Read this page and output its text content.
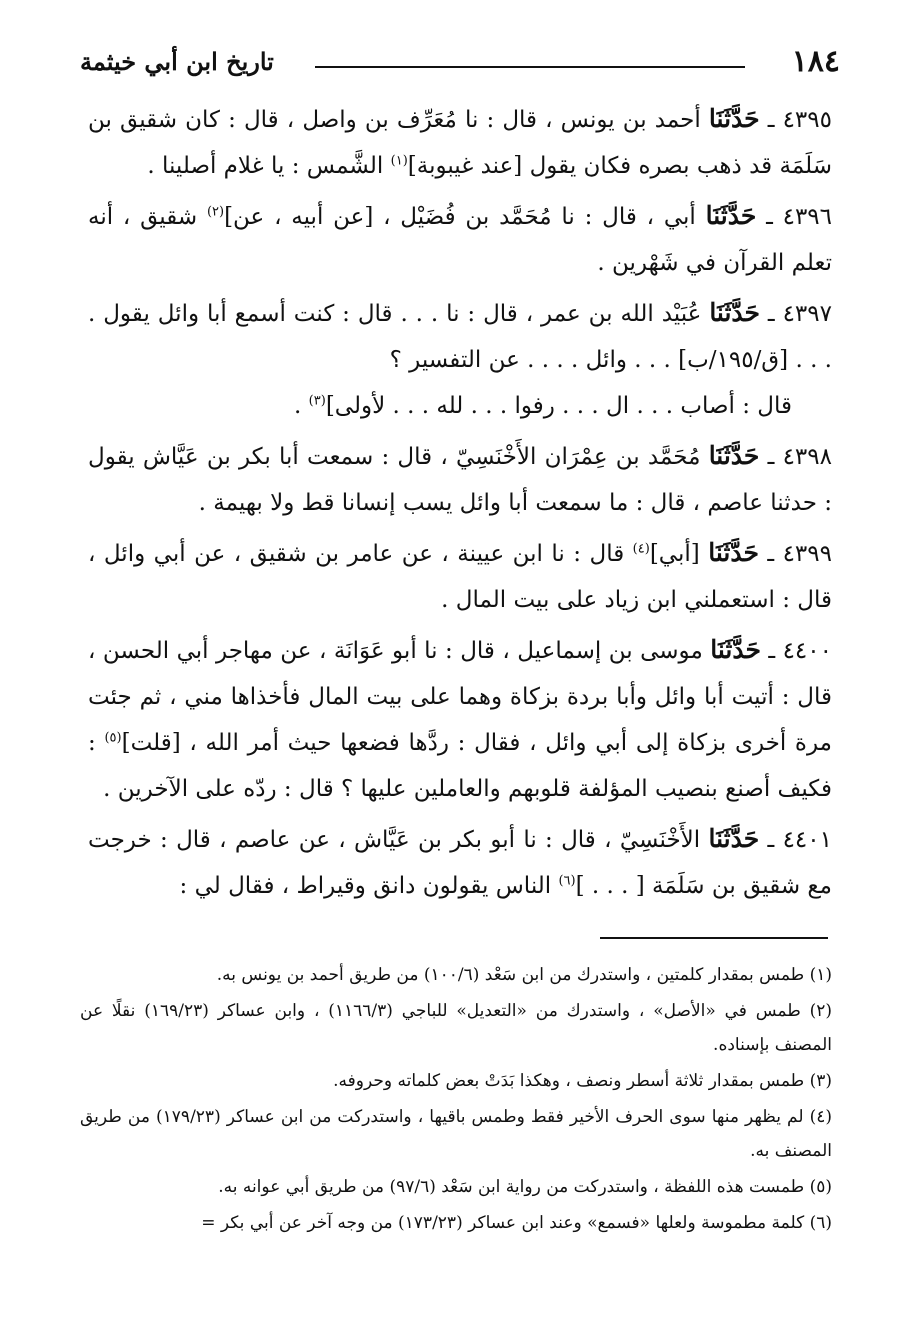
١٨٤
تاريخ ابن أبي خيثمة

٤٣٩٥ ـ حَدَّثَنَا أحمد بن يونس ، قال : نا مُعَرِّف بن واصل ، قال : كان شقيق بن سَلَمَة قد ذهب بصره فكان يقول [عند غيبوبة]$^{(١)}$ الشَّمس : يا غلام أصلينا .

٤٣٩٦ ـ حَدَّثَنَا أبي ، قال : نا مُحَمَّد بن فُضَيْل ، [عن أبيه ، عن]$^{(٢)}$ شقيق ، أنه تعلم القرآن في شَهْرين .

٤٣٩٧ ـ حَدَّثَنَا عُبَيْد الله بن عمر ، قال : نا . . . قال : كنت أسمع أبا وائل يقول . . . . [ق/١٩٥/ب] . . . وائل . . . . عن التفسير ؟

قال : أصاب . . . ال . . . رفوا . . . لله . . . لأولى]$^{(٣)}$ .

٤٣٩٨ ـ حَدَّثَنَا مُحَمَّد بن عِمْرَان الأَخْنَسِيّ ، قال : سمعت أبا بكر بن عَيَّاش يقول : حدثنا عاصم ، قال : ما سمعت أبا وائل يسب إنسانا قط ولا بهيمة .

٤٣٩٩ ـ حَدَّثَنَا [أبي]$^{(٤)}$ قال : نا ابن عيينة ، عن عامر بن شقيق ، عن أبي وائل ، قال : استعملني ابن زياد على بيت المال .

٤٤٠٠ ـ حَدَّثَنَا موسى بن إسماعيل ، قال : نا أبو عَوَانَة ، عن مهاجر أبي الحسن ، قال : أتيت أبا وائل وأبا بردة بزكاة وهما على بيت المال فأخذاها مني ، ثم جئت مرة أخرى بزكاة إلى أبي وائل ، فقال : ردَّها فضعها حيث أمر الله ، [قلت]$^{(٥)}$ : فكيف أصنع بنصيب المؤلفة قلوبهم والعاملين عليها ؟ قال : ردّه على الآخرين .

٤٤٠١ ـ حَدَّثَنَا الأَخْنَسِيّ ، قال : نا أبو بكر بن عَيَّاش ، عن عاصم ، قال : خرجت مع شقيق بن سَلَمَة [ . . . ]$^{(٦)}$ الناس يقولون دانق وقيراط ، فقال لي :

(١) طمس بمقدار كلمتين ، واستدرك من ابن سَعْد (١٠٠/٦) من طريق أحمد بن يونس به.
(٢) طمس في «الأصل» ، واستدرك من «التعديل» للباجي (١١٦٦/٣) ، وابن عساكر (١٦٩/٢٣) نقلًا عن المصنف بإسناده.
(٣) طمس بمقدار ثلاثة أسطر ونصف ، وهكذا بَدَتْ بعض كلماته وحروفه.
(٤) لم يظهر منها سوى الحرف الأخير فقط وطمس باقيها ، واستدركت من ابن عساكر (١٧٩/٢٣) من طريق المصنف به.
(٥) طمست هذه اللفظة ، واستدركت من رواية ابن سَعْد (٩٧/٦) من طريق أبي عوانه به.
(٦) كلمة مطموسة ولعلها «فسمع» وعند ابن عساكر (١٧٣/٢٣) من وجه آخر عن أبي بكر =
